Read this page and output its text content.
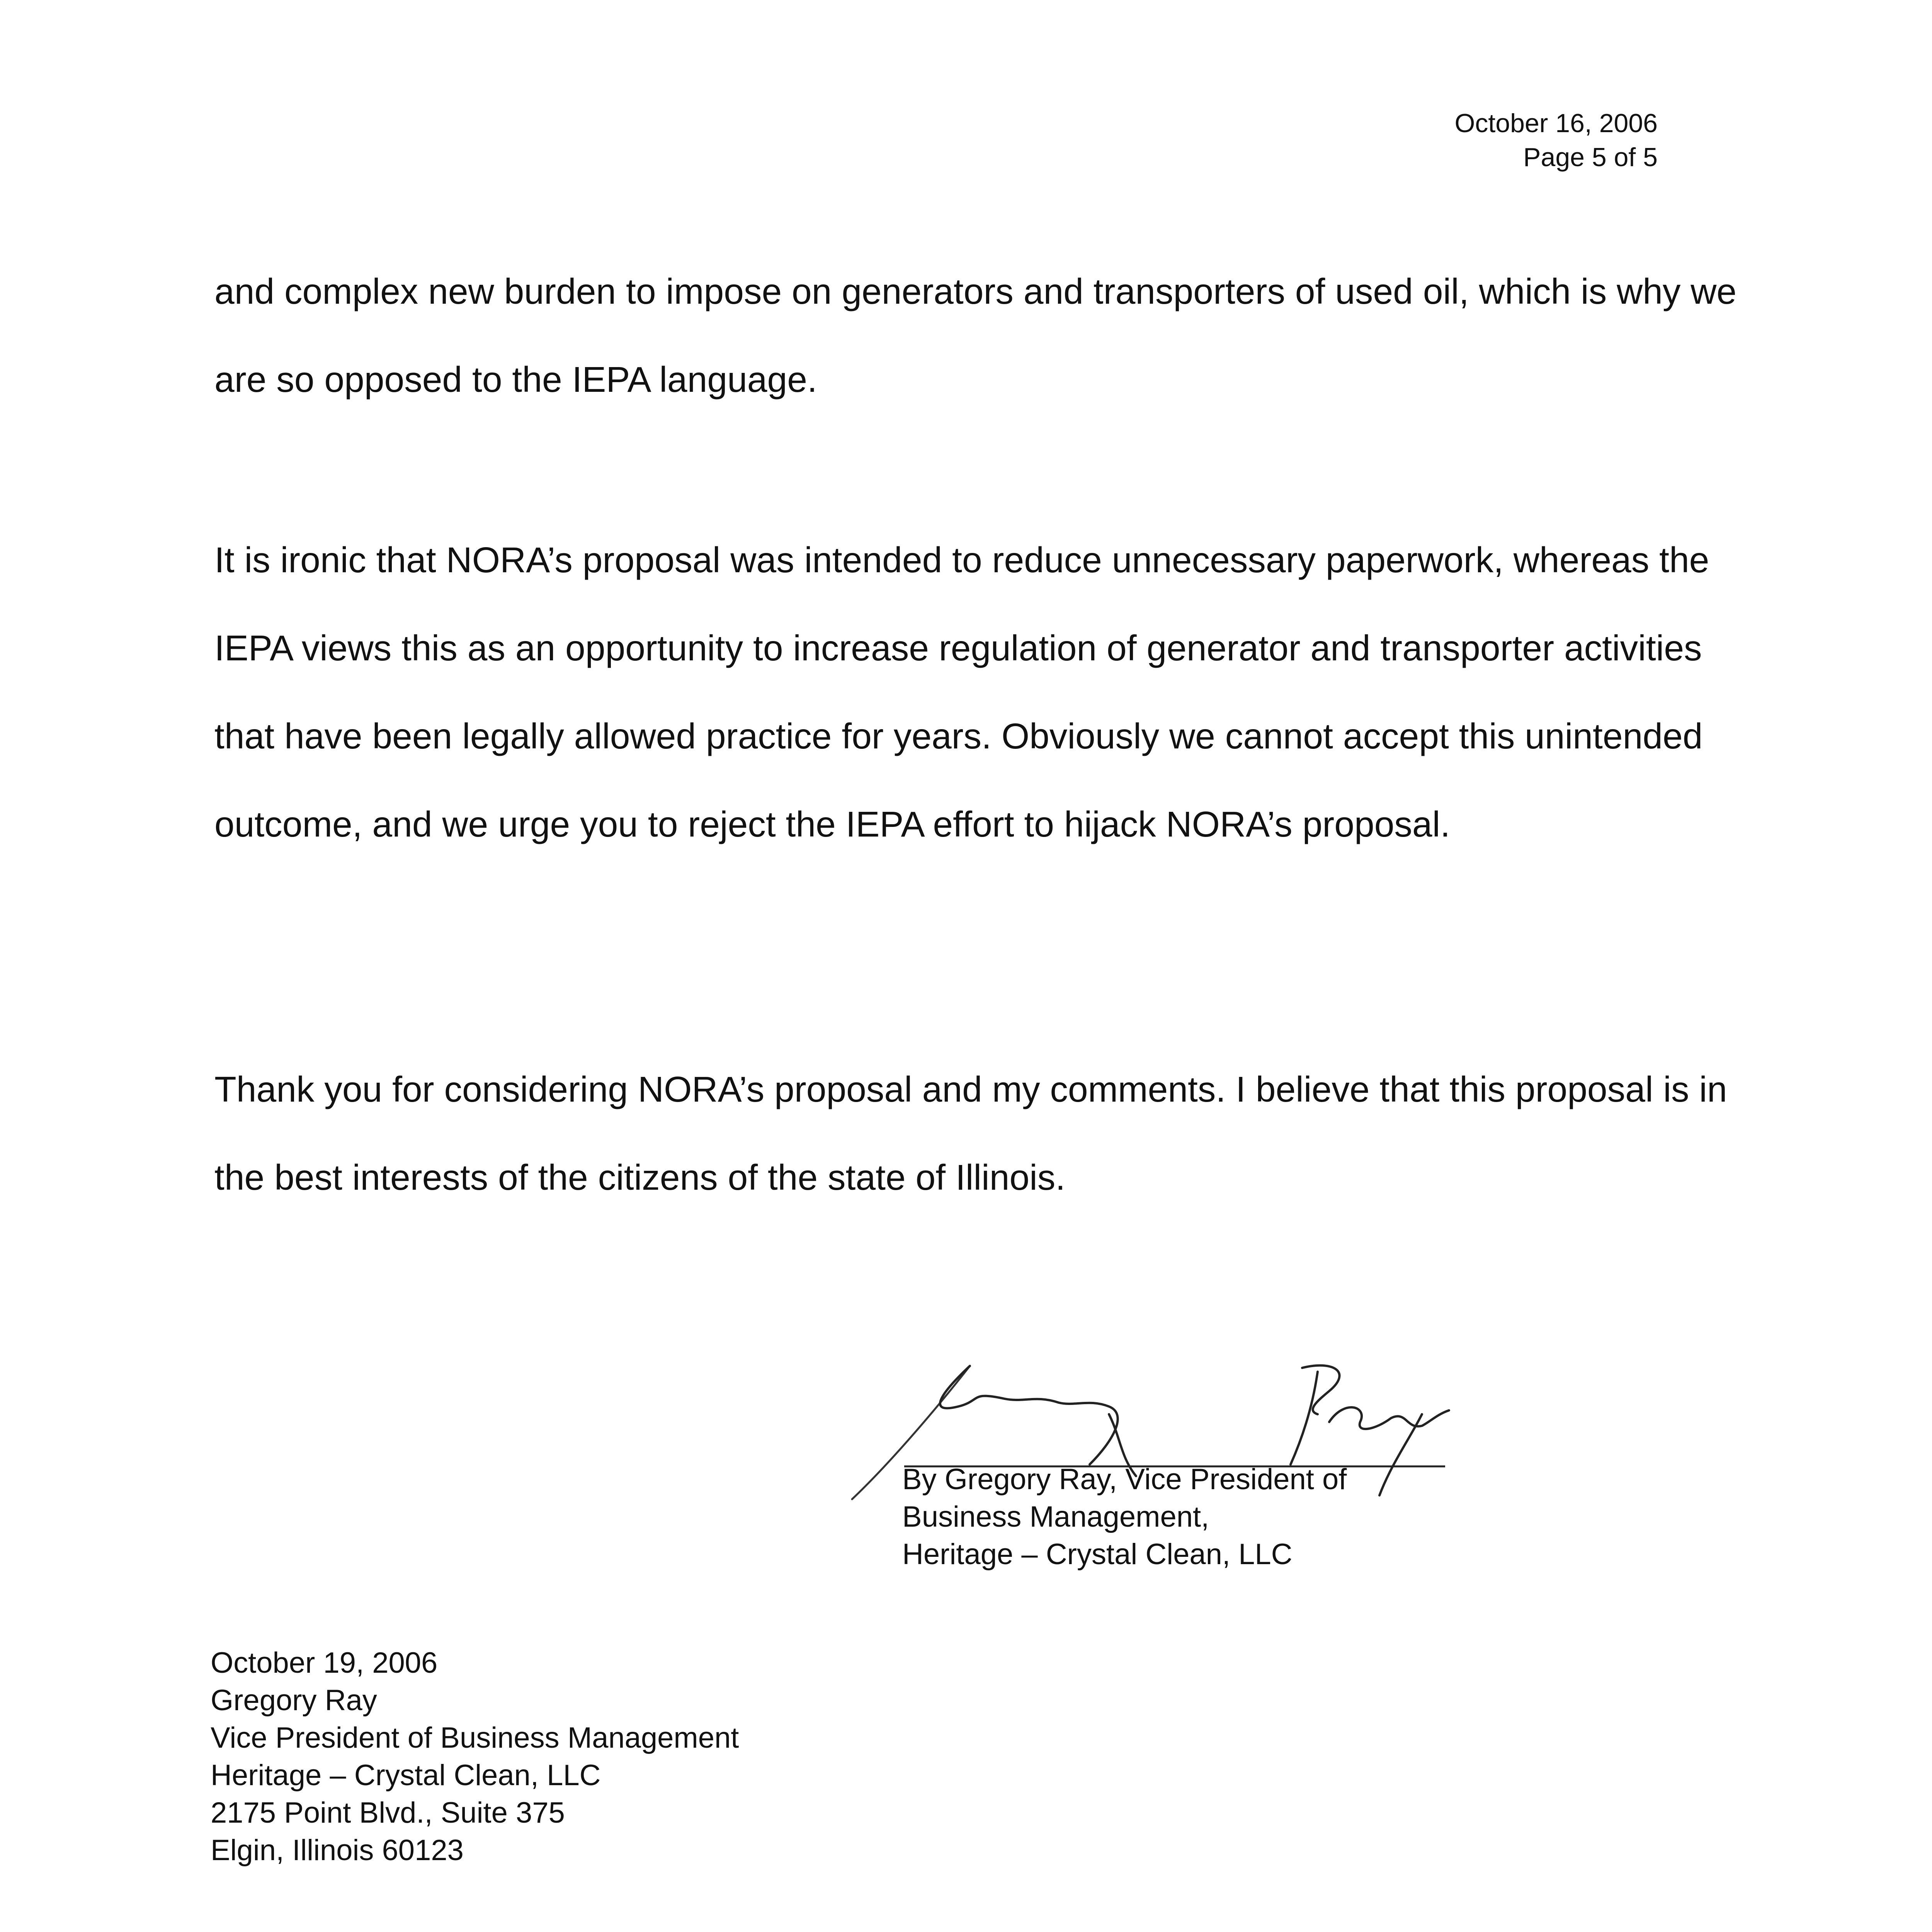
October 16, 2006
Page 5 of 5

and complex new burden to impose on generators and transporters of used oil, which is why we are so opposed to the IEPA language.

It is ironic that NORA’s proposal was intended to reduce unnecessary paperwork, whereas the IEPA views this as an opportunity to increase regulation of generator and transporter activities that have been legally allowed practice for years. Obviously we cannot accept this unintended outcome, and we urge you to reject the IEPA effort to hijack NORA’s proposal.

Thank you for considering NORA’s proposal and my comments. I believe that this proposal is in the best interests of the citizens of the state of Illinois.

By Gregory Ray, Vice President of
Business Management,
Heritage – Crystal Clean, LLC
October 19, 2006
Gregory Ray
Vice President of Business Management
Heritage – Crystal Clean, LLC
2175 Point Blvd., Suite 375
Elgin, Illinois 60123
